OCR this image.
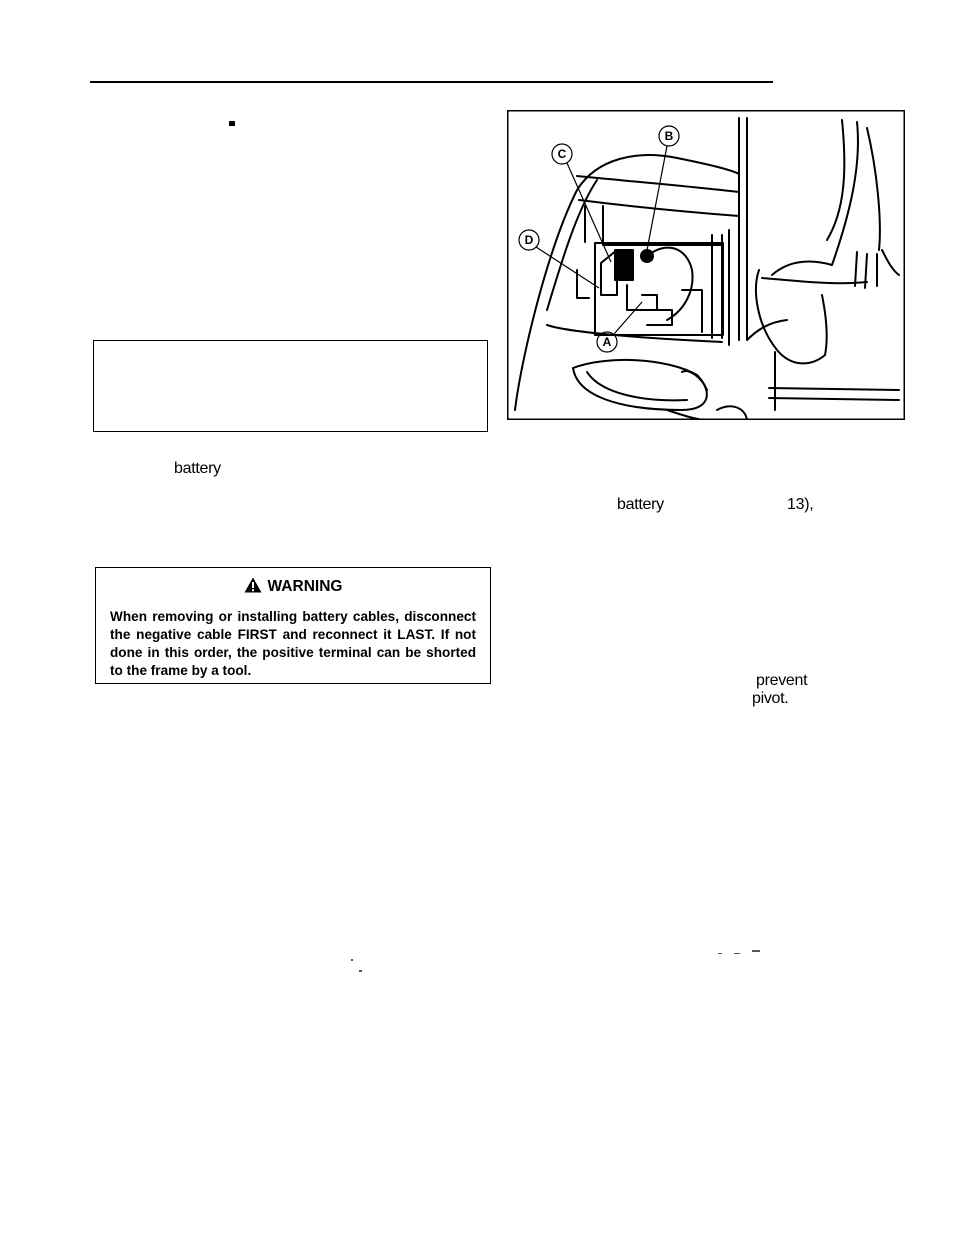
battery
WARNING
When removing or installing battery cables, disconnect the negative cable FIRST and reconnect it LAST. If not done in this order, the positive terminal can be shorted to the frame by a tool.
B
C
D
A
battery	13),
prevent
pivot.
